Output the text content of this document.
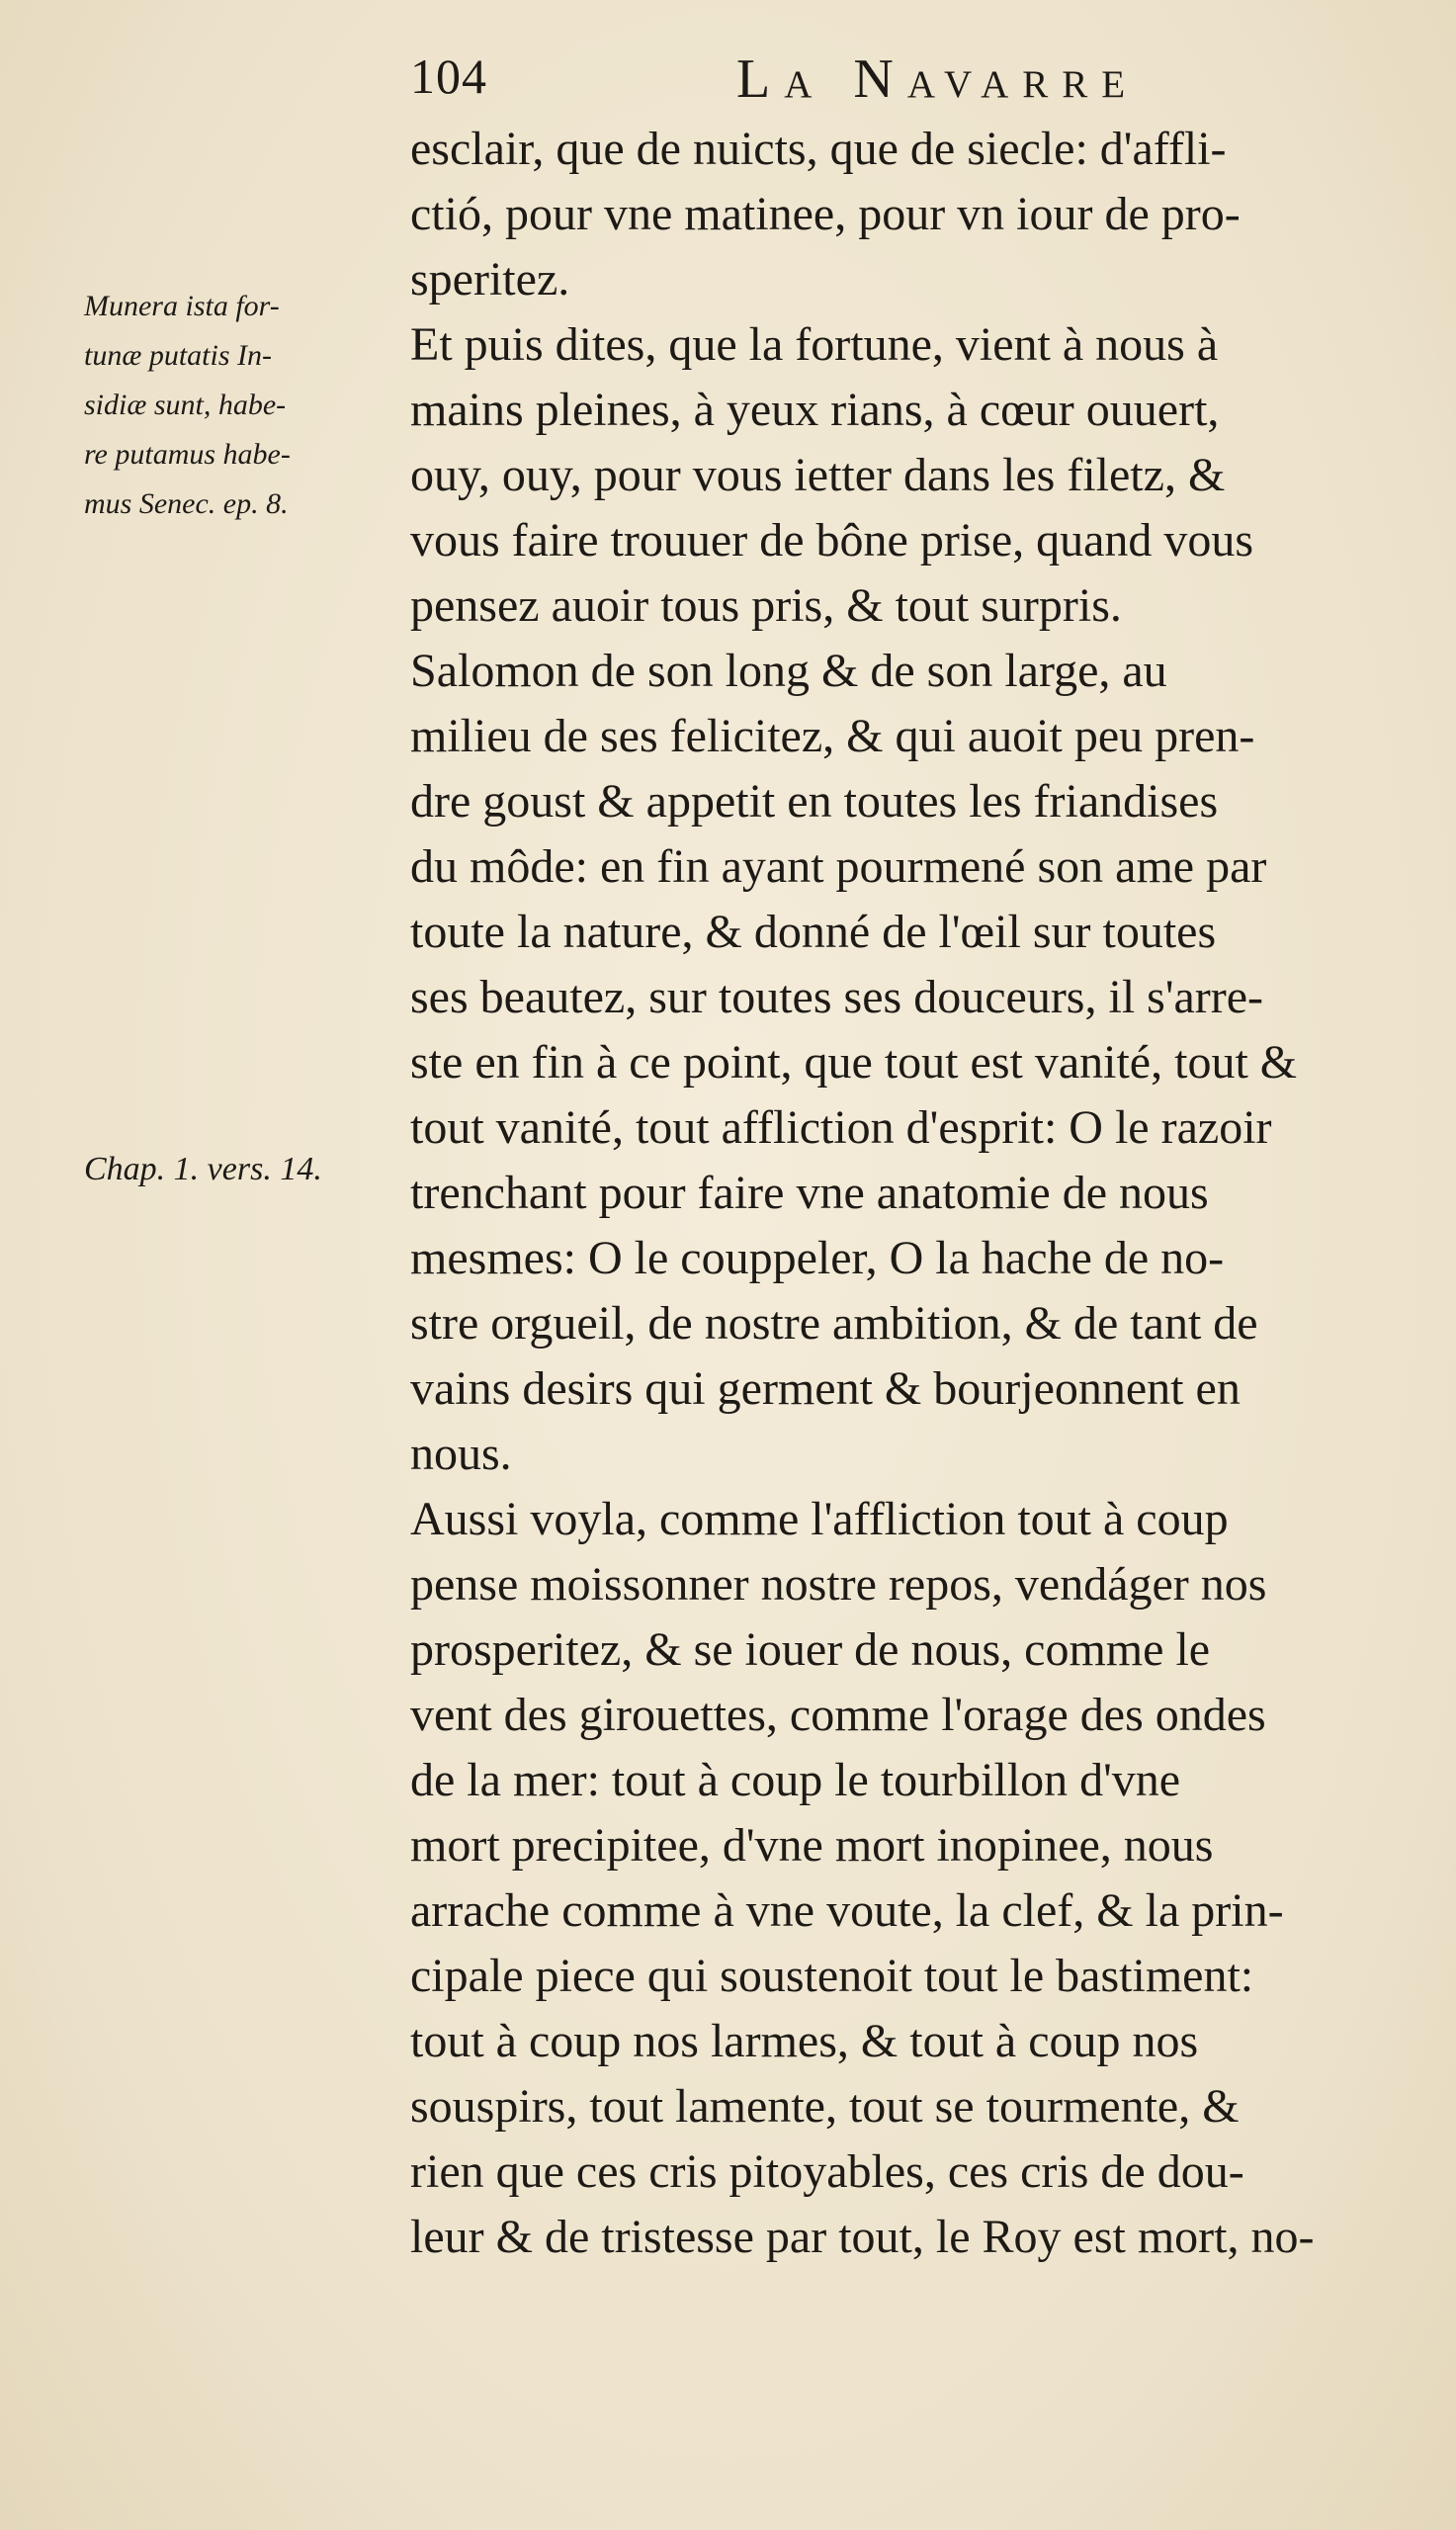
104	La Navarre
Munera ista for-
tunæ putatis In-
sidiæ sunt, habe-
re putamus habe-
mus Senec. ep. 8.
Chap. 1. vers. 14.
esclair, que de nuicts, que de siecle: d'affli-
ctió, pour vne matinee, pour vn iour de pro-
speritez.
Et puis dites, que la fortune, vient à nous à
mains pleines, à yeux rians, à cœur ouuert,
ouy, ouy, pour vous ietter dans les filetz, &
vous faire trouuer de bône prise, quand vous
pensez auoir tous pris, & tout surpris.
Salomon de son long & de son large, au
milieu de ses felicitez, & qui auoit peu pren-
dre goust & appetit en toutes les friandises
du môde: en fin ayant pourmené son ame par
toute la nature, & donné de l'œil sur toutes
ses beautez, sur toutes ses douceurs, il s'arre-
ste en fin à ce point, que tout est vanité, tout &
tout vanité, tout affliction d'esprit: O le razoir
trenchant pour faire vne anatomie de nous
mesmes: O le couppeler, O la hache de no-
stre orgueil, de nostre ambition, & de tant de
vains desirs qui germent & bourjeonnent en
nous.
Aussi voyla, comme l'affliction tout à coup
pense moissonner nostre repos, vendáger nos
prosperitez, & se iouer de nous, comme le
vent des girouettes, comme l'orage des ondes
de la mer: tout à coup le tourbillon d'vne
mort precipitee, d'vne mort inopinee, nous
arrache comme à vne voute, la clef, & la prin-
cipale piece qui soustenoit tout le bastiment:
tout à coup nos larmes, & tout à coup nos
souspirs, tout lamente, tout se tourmente, &
rien que ces cris pitoyables, ces cris de dou-
leur & de tristesse par tout, le Roy est mort, no-
